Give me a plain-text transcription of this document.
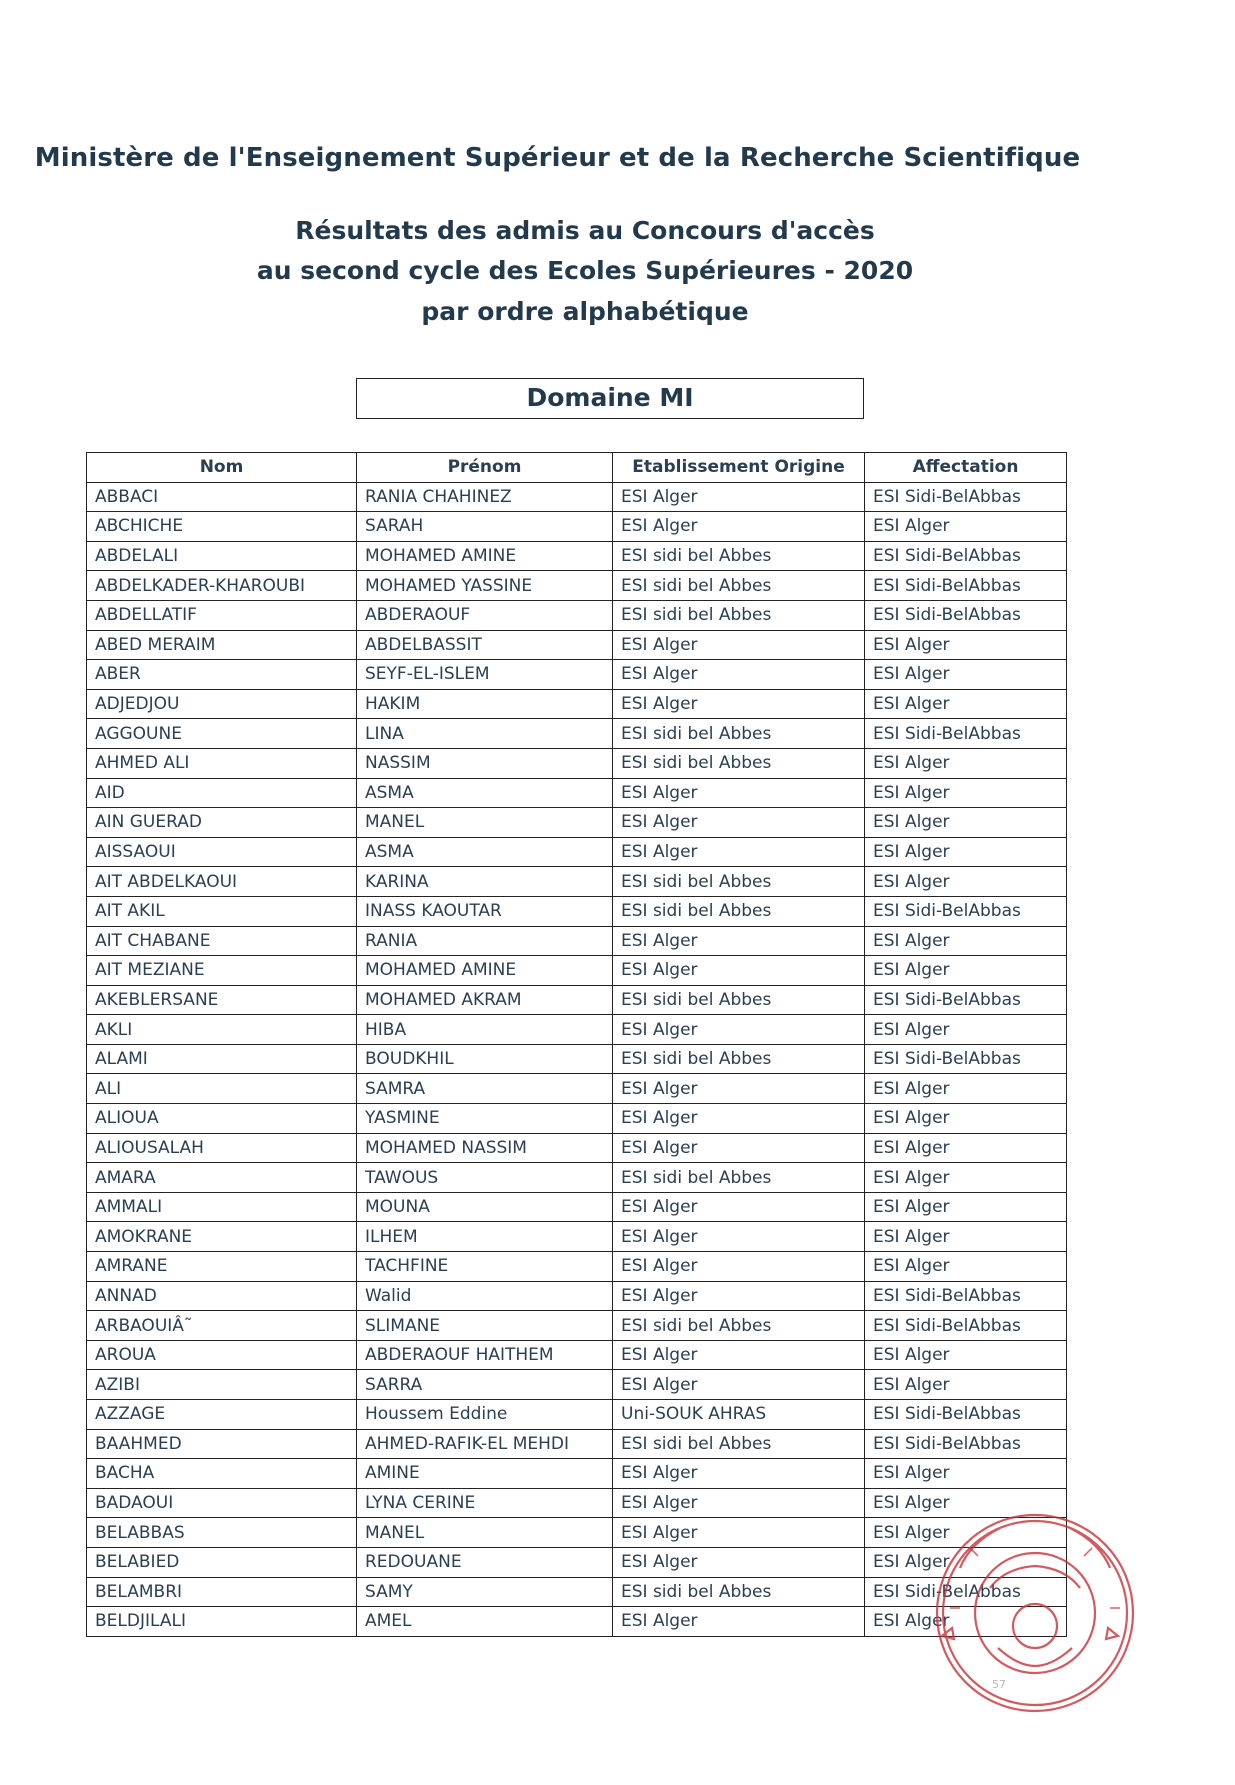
Ministère de l'Enseignement Supérieur et de la Recherche Scientifique
Résultats des admis au Concours d'accès
au second cycle des Ecoles Supérieures - 2020
par ordre alphabétique
Domaine MI
Nom	Prénom	Etablissement Origine	Affectation
ABBACI	RANIA CHAHINEZ	ESI Alger	ESI Sidi-BelAbbas
ABCHICHE	SARAH	ESI Alger	ESI Alger
ABDELALI	MOHAMED AMINE	ESI sidi bel Abbes	ESI Sidi-BelAbbas
ABDELKADER-KHAROUBI	MOHAMED YASSINE	ESI sidi bel Abbes	ESI Sidi-BelAbbas
ABDELLATIF	ABDERAOUF	ESI sidi bel Abbes	ESI Sidi-BelAbbas
ABED MERAIM	ABDELBASSIT	ESI Alger	ESI Alger
ABER	SEYF-EL-ISLEM	ESI Alger	ESI Alger
ADJEDJOU	HAKIM	ESI Alger	ESI Alger
AGGOUNE	LINA	ESI sidi bel Abbes	ESI Sidi-BelAbbas
AHMED ALI	NASSIM	ESI sidi bel Abbes	ESI Alger
AID	ASMA	ESI Alger	ESI Alger
AIN GUERAD	MANEL	ESI Alger	ESI Alger
AISSAOUI	ASMA	ESI Alger	ESI Alger
AIT ABDELKAOUI	KARINA	ESI sidi bel Abbes	ESI Alger
AIT AKIL	INASS KAOUTAR	ESI sidi bel Abbes	ESI Sidi-BelAbbas
AIT CHABANE	RANIA	ESI Alger	ESI Alger
AIT MEZIANE	MOHAMED AMINE	ESI Alger	ESI Alger
AKEBLERSANE	MOHAMED AKRAM	ESI sidi bel Abbes	ESI Sidi-BelAbbas
AKLI	HIBA	ESI Alger	ESI Alger
ALAMI	BOUDKHIL	ESI sidi bel Abbes	ESI Sidi-BelAbbas
ALI	SAMRA	ESI Alger	ESI Alger
ALIOUA	YASMINE	ESI Alger	ESI Alger
ALIOUSALAH	MOHAMED NASSIM	ESI Alger	ESI Alger
AMARA	TAWOUS	ESI sidi bel Abbes	ESI Alger
AMMALI	MOUNA	ESI Alger	ESI Alger
AMOKRANE	ILHEM	ESI Alger	ESI Alger
AMRANE	TACHFINE	ESI Alger	ESI Alger
ANNAD	Walid	ESI Alger	ESI Sidi-BelAbbas
ARBAOUIÂ˜	SLIMANE	ESI sidi bel Abbes	ESI Sidi-BelAbbas
AROUA	ABDERAOUF HAITHEM	ESI Alger	ESI Alger
AZIBI	SARRA	ESI Alger	ESI Alger
AZZAGE	Houssem Eddine	Uni-SOUK AHRAS	ESI Sidi-BelAbbas
BAAHMED	AHMED-RAFIK-EL MEHDI	ESI sidi bel Abbes	ESI Sidi-BelAbbas
BACHA	AMINE	ESI Alger	ESI Alger
BADAOUI	LYNA CERINE	ESI Alger	ESI Alger
BELABBAS	MANEL	ESI Alger	ESI Alger
BELABIED	REDOUANE	ESI Alger	ESI Alger
BELAMBRI	SAMY	ESI sidi bel Abbes	ESI Sidi-BelAbbas
BELDJILALI	AMEL	ESI Alger	ESI Alger
57
